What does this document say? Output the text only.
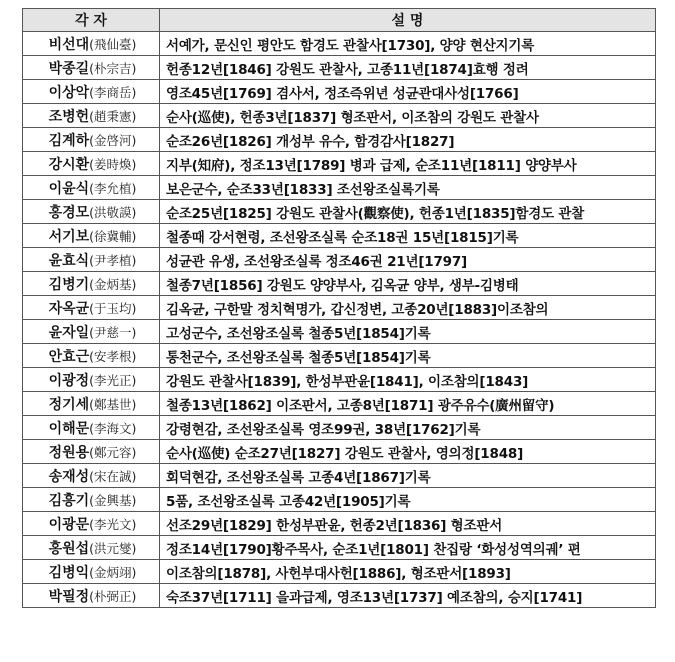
각 자	설 명
비선대(飛仙臺)	서예가, 문신인 평안도 함경도 관찰사[1730], 양양 현산지기록
박종길(朴宗吉)	헌종12년[1846] 강원도 관찰사, 고종11년[1874]효행 정려
이상악(李商岳)	영조45년[1769] 겸사서, 정조즉위년 성균관대사성[1766]
조병헌(趙秉憲)	순사(巡使), 헌종3년[1837] 형조판서, 이조참의 강원도 관찰사
김계하(金啓河)	순조26년[1826] 개성부 유수, 함경감사[1827]
강시환(姜時煥)	지부(知府), 정조13년[1789] 병과 급제, 순조11년[1811] 양양부사
이윤식(李允植)	보은군수, 순조33년[1833] 조선왕조실록기록
홍경모(洪敬謨)	순조25년[1825] 강원도 관찰사(觀察使), 헌종1년[1835]함경도 관찰
서기보(徐冀輔)	철종때 강서현령, 조선왕조실록 순조18권 15년[1815]기록
윤효식(尹孝植)	성균관 유생, 조선왕조실록 정조46권 21년[1797]
김병기(金炳基)	철종7년[1856] 강원도 양양부사, 김옥균 양부, 생부-김병태
자옥균(于玉均)	김옥균, 구한말 정치혁명가, 갑신정변, 고종20년[1883]이조참의
윤자일(尹慈一)	고성군수, 조선왕조실록 철종5년[1854]기록
안효근(安孝根)	통천군수, 조선왕조실록 철종5년[1854]기록
이광정(李光正)	강원도 관찰사[1839], 한성부판윤[1841], 이조참의[1843]
정기세(鄭基世)	철종13년[1862] 이조판서, 고종8년[1871] 광주유수(廣州留守)
이해문(李海文)	강령현감, 조선왕조실록 영조99권, 38년[1762]기록
정원용(鄭元容)	순사(巡使) 순조27년[1827] 강원도 관찰사, 영의정[1848]
송재성(宋在誠)	회덕현감, 조선왕조실록 고종4년[1867]기록
김흥기(金興基)	5품, 조선왕조실록 고종42년[1905]기록
이광문(李光文)	선조29년[1829] 한성부판윤, 헌종2년[1836] 형조판서
홍원섭(洪元燮)	정조14년[1790]황주목사, 순조1년[1801] 찬집랑 ‘화성성역의궤’ 편
김병익(金炳翊)	이조참의[1878], 사헌부대사헌[1886], 형조판서[1893]
박필정(朴弼正)	숙조37년[1711] 을과급제, 영조13년[1737] 예조참의, 승지[1741]
